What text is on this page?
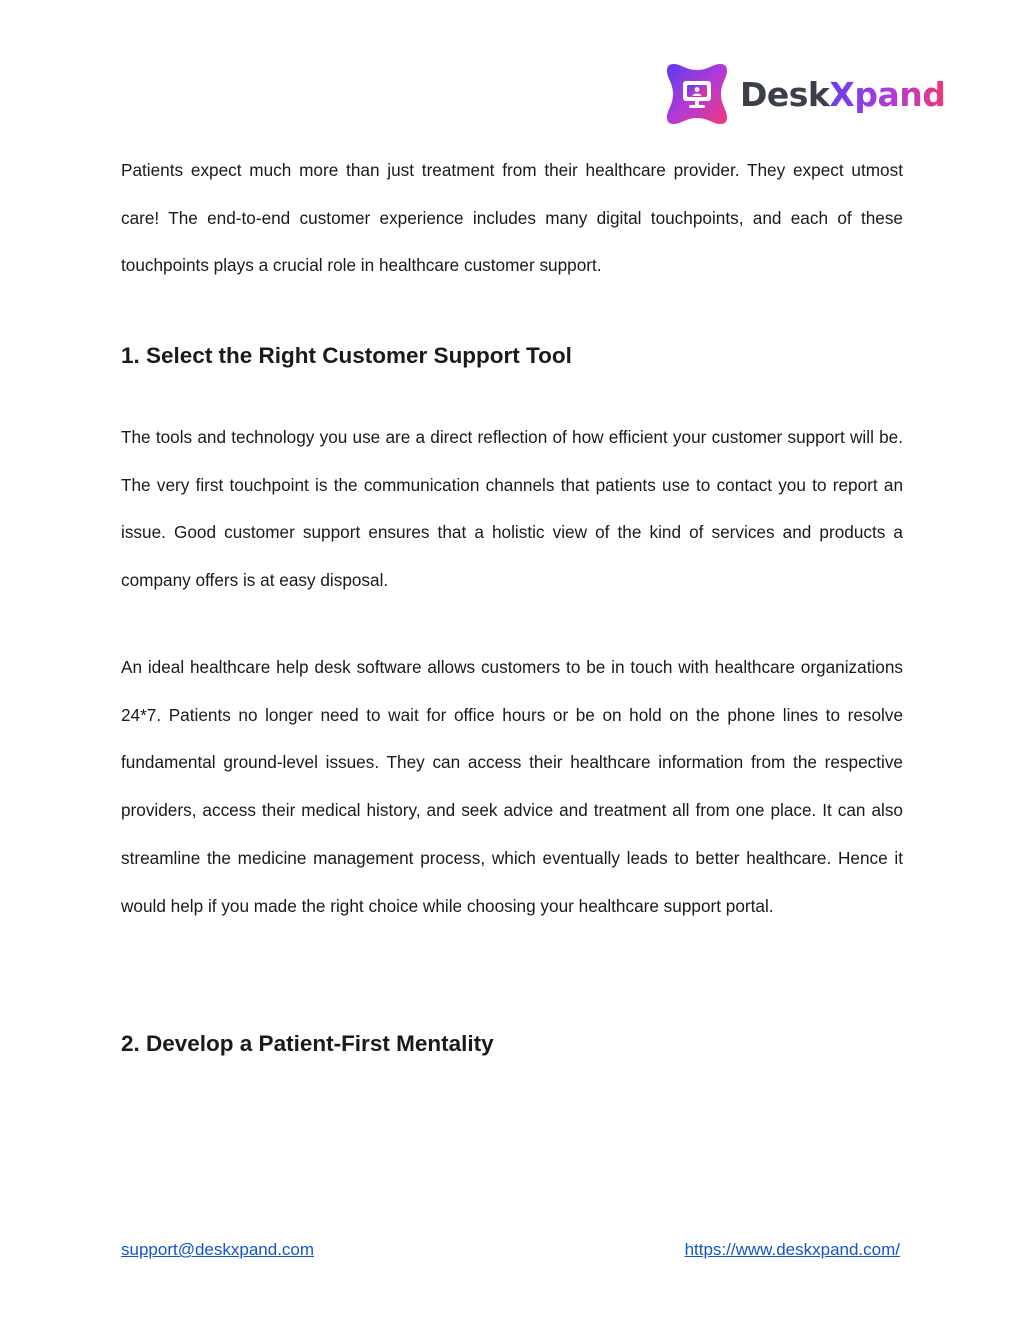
DeskXpand

Patients expect much more than just treatment from their healthcare provider. They expect utmost care! The end-to-end customer experience includes many digital touchpoints, and each of these touchpoints plays a crucial role in healthcare customer support.

1. Select the Right Customer Support Tool

The tools and technology you use are a direct reflection of how efficient your customer support will be. The very first touchpoint is the communication channels that patients use to contact you to report an issue. Good customer support ensures that a holistic view of the kind of services and products a company offers is at easy disposal.

An ideal healthcare help desk software allows customers to be in touch with healthcare organizations 24*7. Patients no longer need to wait for office hours or be on hold on the phone lines to resolve fundamental ground-level issues. They can access their healthcare information from the respective providers, access their medical history, and seek advice and treatment all from one place. It can also streamline the medicine management process, which eventually leads to better healthcare. Hence it would help if you made the right choice while choosing your healthcare support portal.

2. Develop a Patient-First Mentality
support@deskxpand.com	https://www.deskxpand.com/
